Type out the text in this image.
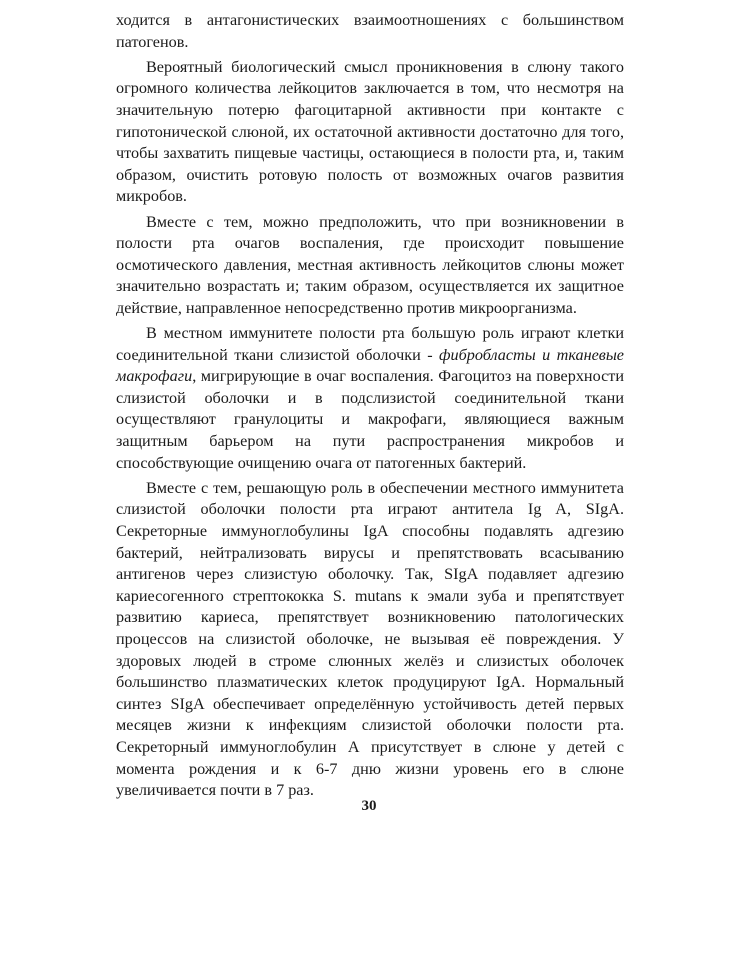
ходится в антагонистических взаимоотношениях с большинством патогенов.

Вероятный биологический смысл проникновения в слюну такого огромного количества лейкоцитов заключается в том, что несмотря на значительную потерю фагоцитарной активности при контакте с гипотонической слюной, их остаточной активности достаточно для того, чтобы захватить пищевые частицы, остающиеся в полости рта, и, таким образом, очистить ротовую полость от возможных очагов развития микробов.

Вместе с тем, можно предположить, что при возникновении в полости рта очагов воспаления, где происходит повышение осмотического давления, местная активность лейкоцитов слюны может значительно возрастать и; таким образом, осуществляется их защитное действие, направленное непосредственно против микроорганизма.

В местном иммунитете полости рта большую роль играют клетки соединительной ткани слизистой оболочки - фибробласты и тканевые макрофаги, мигрирующие в очаг воспаления. Фагоцитоз на поверхности слизистой оболочки и в подслизистой соединительной ткани осуществляют гранулоциты и макрофаги, являющиеся важным защитным барьером на пути распространения микробов и способствующие очищению очага от патогенных бактерий.

Вместе с тем, решающую роль в обеспечении местного иммунитета слизистой оболочки полости рта играют антитела Ig A, SIgA. Секреторные иммуноглобулины IgA способны подавлять адгезию бактерий, нейтрализовать вирусы и препятствовать всасыванию антигенов через слизистую оболочку. Так, SIgA подавляет адгезию кариесогенного стрептококка S. mutans к эмали зуба и препятствует развитию кариеса, препятствует возникновению патологических процессов на слизистой оболочке, не вызывая её повреждения. У здоровых людей в строме слюнных желёз и слизистых оболочек большинство плазматических клеток продуцируют IgA. Нормальный синтез SIgA обеспечивает определённую устойчивость детей первых месяцев жизни к инфекциям слизистой оболочки полости рта. Секреторный иммуноглобулин А присутствует в слюне у детей с момента рождения и к 6-7 дню жизни уровень его в слюне увеличивается почти в 7 раз.

30
